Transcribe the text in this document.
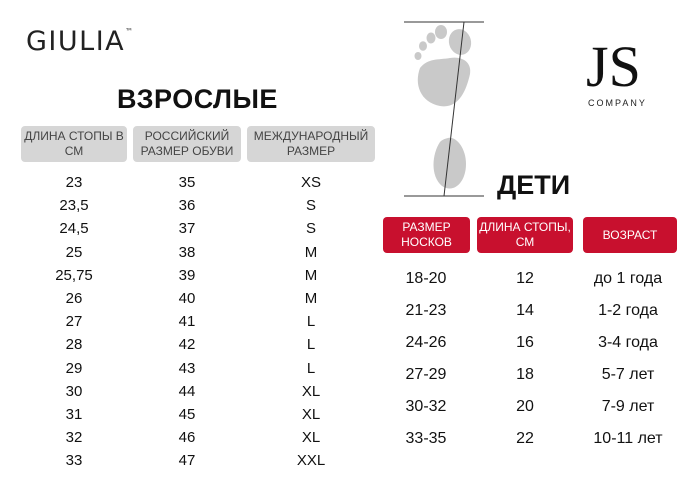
GIULIA™
JS
COMPANY
ВЗРОСЛЫЕ
ДЛИНА СТОПЫ В СМ
РОССИЙСКИЙ РАЗМЕР ОБУВИ
МЕЖДУНАРОДНЫЙ РАЗМЕР
23	35	XS
23,5	36	S
24,5	37	S
25	38	M
25,75	39	M
26	40	M
27	41	L
28	42	L
29	43	L
30	44	XL
31	45	XL
32	46	XL
33	47	XXL
ДЕТИ
РАЗМЕР НОСКОВ
ДЛИНА СТОПЫ, СМ
ВОЗРАСТ
18-20	12	до 1 года
21-23	14	1-2 года
24-26	16	3-4 года
27-29	18	5-7 лет
30-32	20	7-9 лет
33-35	22	10-11 лет
